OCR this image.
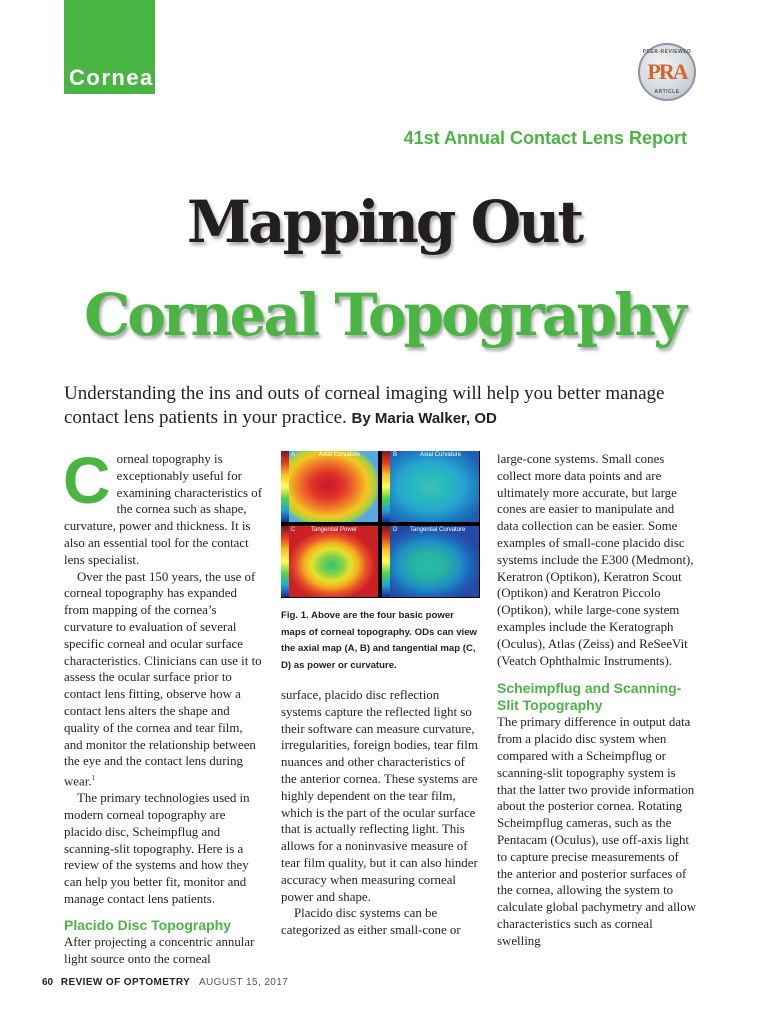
Cornea
PEER-REVIEWED
PRA
ARTICLE
41st Annual Contact Lens Report
Mapping Out
Corneal Topography
Understanding the ins and outs of corneal imaging will help you better manage contact lens patients in your practice. By Maria Walker, OD

Corneal topography is exceptionably useful for examining characteristics of the cornea such as shape, curvature, power and thickness. It is also an essential tool for the contact lens specialist.

Over the past 150 years, the use of corneal topography has expanded from mapping of the cornea’s curvature to evaluation of several specific corneal and ocular surface characteristics. Clinicians can use it to assess the ocular surface prior to contact lens fitting, observe how a contact lens alters the shape and quality of the cornea and tear film, and monitor the relationship between the eye and the contact lens during wear.$^1$

The primary technologies used in modern corneal topography are placido disc, Scheimpflug and scanning-slit topography. Here is a review of the systems and how they can help you better fit, monitor and manage contact lens patients.

Placido Disc Topography

After projecting a concentric annular light source onto the corneal

A	Axial Curvature	B	Axial Curvature
C	Tangential Power	D Tangential Curvature
Fig. 1. Above are the four basic power maps of corneal topography. ODs can view the axial map (A, B) and tangential map (C, D) as power or curvature.

surface, placido disc reflection systems capture the reflected light so their software can measure curvature, irregularities, foreign bodies, tear film nuances and other characteristics of the anterior cornea. These systems are highly dependent on the tear film, which is the part of the ocular surface that is actually reflecting light. This allows for a noninvasive measure of tear film quality, but it can also hinder accuracy when measuring corneal power and shape.

Placido disc systems can be categorized as either small-cone or

large-cone systems. Small cones collect more data points and are ultimately more accurate, but large cones are easier to manipulate and data collection can be easier. Some examples of small-cone placido disc systems include the E300 (Medmont), Keratron (Optikon), Keratron Scout (Optikon) and Keratron Piccolo (Optikon), while large-cone system examples include the Keratograph (Oculus), Atlas (Zeiss) and ReSeeVit (Veatch Ophthalmic Instruments).

Scheimpflug and Scanning-Slit Topography

The primary difference in output data from a placido disc system when compared with a Scheimpflug or scanning-slit topography system is that the latter two provide information about the posterior cornea. Rotating Scheimpflug cameras, such as the Pentacam (Oculus), use off-axis light to capture precise measurements of the anterior and posterior surfaces of the cornea, allowing the system to calculate global pachymetry and allow characteristics such as corneal swelling

60 REVIEW OF OPTOMETRY AUGUST 15, 2017
